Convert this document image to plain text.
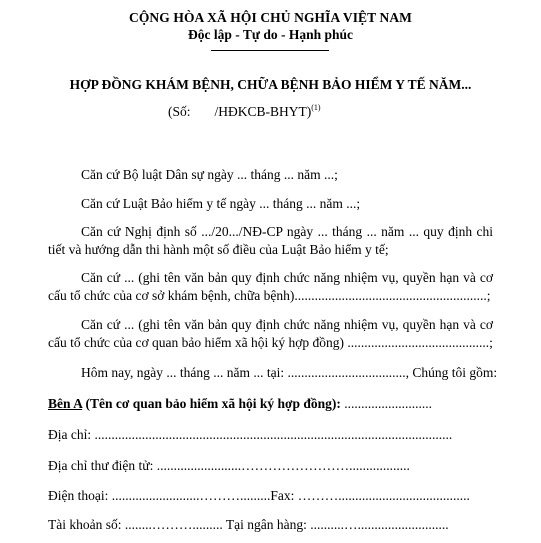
CỘNG HÒA XÃ HỘI CHỦ NGHĨA VIỆT NAM
Độc lập - Tự do - Hạnh phúc
HỢP ĐỒNG KHÁM BỆNH, CHỮA BỆNH BẢO HIỂM Y TẾ NĂM...
(Số: /HĐKCB-BHYT)$^{(1)}$
Căn cứ Bộ luật Dân sự ngày ... tháng ... năm ...;
Căn cứ Luật Bảo hiểm y tế ngày ... tháng ... năm ...;
Căn cứ Nghị định số .../20.../NĐ-CP ngày ... tháng ... năm ... quy định chi
tiết và hướng dẫn thi hành một số điều của Luật Bảo hiểm y tế;
Căn cứ ... (ghi tên văn bản quy định chức năng nhiệm vụ, quyền hạn và cơ
cấu tổ chức của cơ sở khám bệnh, chữa bệnh).........................................................;
Căn cứ ... (ghi tên văn bản quy định chức năng nhiệm vụ, quyền hạn và cơ
cấu tổ chức của cơ quan bảo hiểm xã hội ký hợp đồng) ..........................................;
Hôm nay, ngày ... tháng ... năm ... tại: ..................................., Chúng tôi gồm:
Bên A (Tên cơ quan bảo hiểm xã hội ký hợp đồng): ..........................
Địa chỉ: ..........................................................................................................
Địa chỉ thư điện tử: .........................……………………..................
Điện thoại: ..........................……….........Fax: ……….......................................
Tài khoản số: ........………......... Tại ngân hàng: ..........…...........................
